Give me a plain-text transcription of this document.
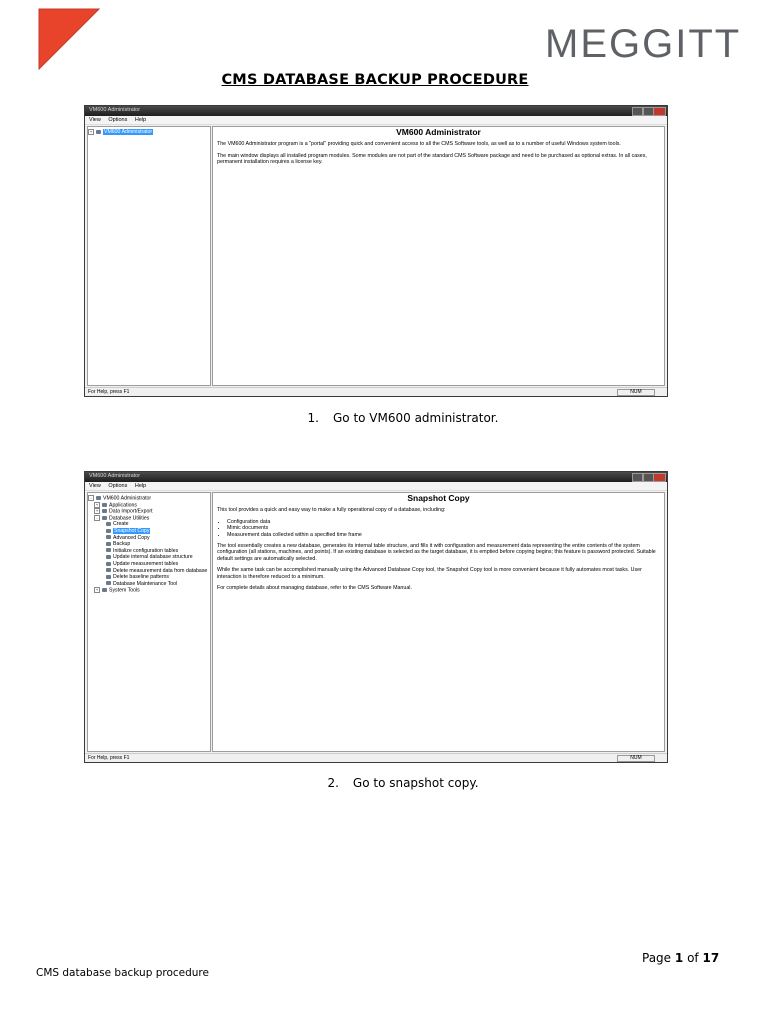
MEGGITT
CMS DATABASE BACKUP PROCEDURE
VM600 Administrator
View Options Help
+ VM600 Administrator	VM600 Administrator

The VM600 Administrator program is a "portal" providing quick and convenient access to all the CMS Software tools, as well as to a number of useful Windows system tools.

The main window displays all installed program modules. Some modules are not part of the standard CMS Software package and need to be purchased as optional extras. In all cases, permanent installation requires a license key.

For Help, press F1	NUM
1. Go to VM600 administrator.
VM600 Administrator
View Options Help
- VM600 Administrator
+ Applications
+ Data Import/Export
- Database Utilities
Create
Snapshot Copy
Advanced Copy
Backup
Initialize configuration tables
Update internal database structure
Update measurement tables
Delete measurement data from database
Delete baseline patterns
Database Maintenance Tool
+ System Tools
Snapshot Copy

This tool provides a quick and easy way to make a fully operational copy of a database, including:

• Configuration data
• Mimic documents
• Measurement data collected within a specified time frame

The tool essentially creates a new database, generates its internal table structure, and fills it with configuration and measurement data representing the entire contents of the system configuration (all stations, machines, and points). If an existing database is selected as the target database, it is emptied before copying begins; this feature is password protected. Suitable default settings are automatically selected.

While the same task can be accomplished manually using the Advanced Database Copy tool, the Snapshot Copy tool is more convenient because it fully automates most tasks. User interaction is therefore reduced to a minimum.

For complete details about managing database, refer to the CMS Software Manual.

For Help, press F1	NUM
2. Go to snapshot copy.
Page 1 of 17
CMS database backup procedure
